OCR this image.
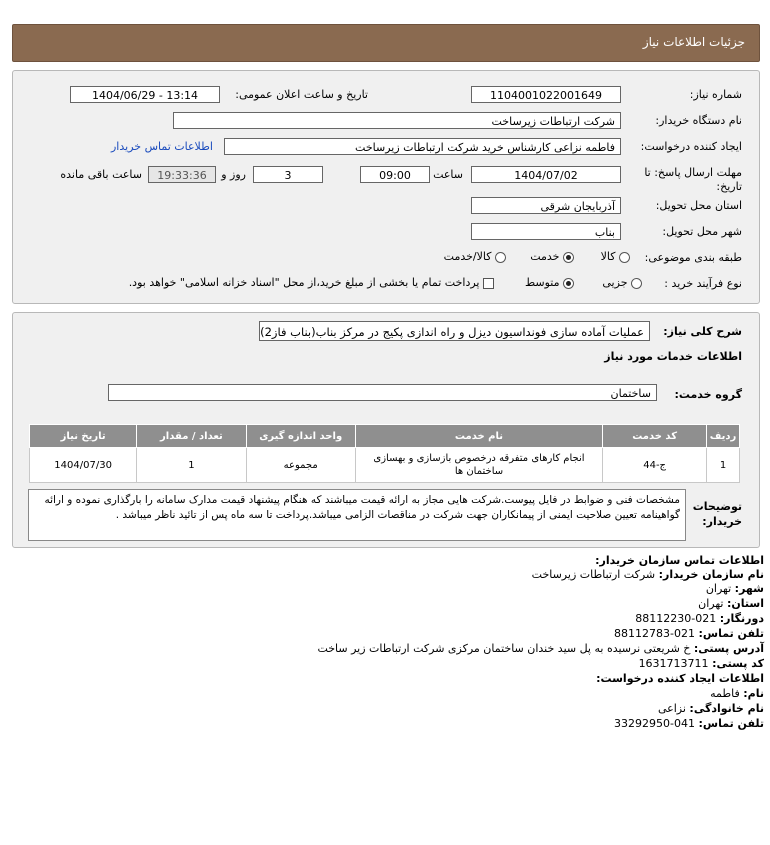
جزئیات اطلاعات نیاز
شماره نیاز:
1104001022001649
تاریخ و ساعت اعلان عمومی:
1404/06/29 - 13:14
نام دستگاه خریدار:
شرکت ارتباطات زیرساخت
ایجاد کننده درخواست:
فاطمه نزاعی کارشناس خرید شرکت ارتباطات زیرساخت
اطلاعات تماس خریدار
مهلت ارسال پاسخ: تا
تاریخ:
1404/07/02
ساعت
09:00
3
روز و
19:33:36
ساعت باقی مانده
استان محل تحویل:
آذربایجان شرقی
شهر محل تحویل:
بناب
طبقه بندی موضوعی:
کالا
خدمت
کالا/خدمت
نوع فرآیند خرید :
جزیی
متوسط
پرداخت تمام یا بخشی از مبلغ خرید،از محل "اسناد خزانه اسلامی" خواهد بود.
شرح کلی نیاز:
عملیات آماده سازی فونداسیون دیزل و راه اندازی پکیج در مرکز بناب(بناب فاز2)
اطلاعات خدمات مورد نیاز
گروه خدمت:
ساختمان
ردیف	کد خدمت	نام خدمت	واحد اندازه گیری	تعداد / مقدار	تاریخ نیاز
1	ج-44	انجام کارهای متفرقه درخصوص بازسازی و بهسازی ساختمان ها	مجموعه	1	1404/07/30
توضیحات خریدار:
مشخصات فنی و ضوابط در فایل پیوست.شرکت هایی مجاز به ارائه قیمت میباشند که هنگام پیشنهاد قیمت مدارک سامانه را بارگذاری نموده و ارائه گواهینامه تعیین صلاحیت ایمنی از پیمانکاران جهت شرکت در مناقصات الزامی میباشد.پرداخت تا سه ماه پس از تائید ناظر میباشد .
اطلاعات تماس سازمان خریدار:
نام سازمان خریدار: شرکت ارتباطات زیرساخت
شهر: تهران
استان: تهران
دورنگار: 021-88112230
تلفن تماس: 021-88112783
آدرس پستی: خ شریعتی نرسیده به پل سید خندان ساختمان مرکزی شرکت ارتباطات زیر ساخت
کد پستی: 1631713711
اطلاعات ایجاد کننده درخواست:
نام: فاطمه
نام خانوادگی: نزاعی
تلفن تماس: 041-33292950
